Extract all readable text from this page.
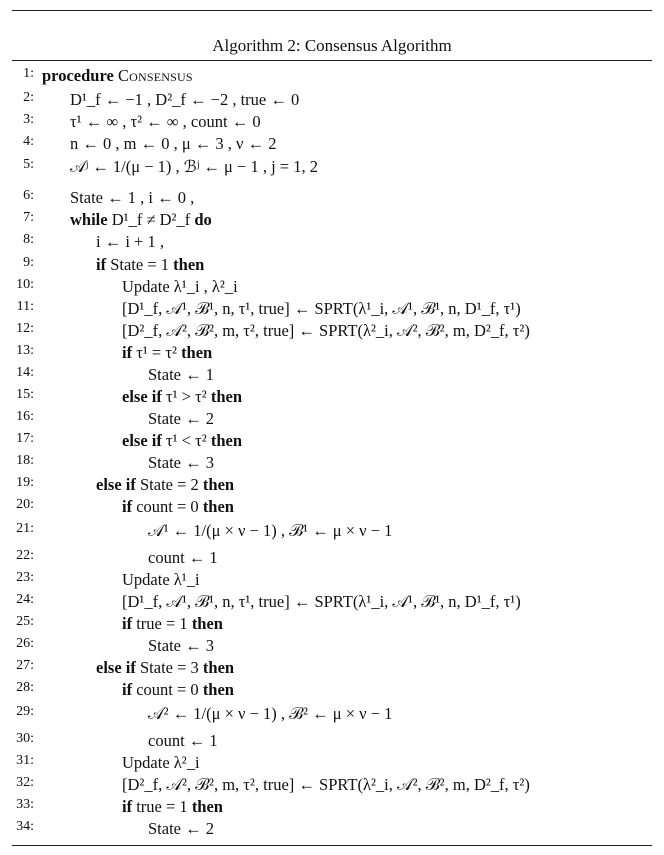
Algorithm 2: Consensus Algorithm
1: procedure Consensus
2: D¹_f ← −1 , D²_f ← −2 , true ← 0
3: τ¹ ← ∞ , τ² ← ∞ , count ← 0
4: n ← 0 , m ← 0 , μ ← 3 , ν ← 2
5: 𝒜ʲ ← 1/(μ − 1) , ℬʲ ← μ − 1 , j = 1, 2
6: State ← 1 , i ← 0 ,
7: while D¹_f ≠ D²_f do
8:	i ← i + 1 ,
9:	if State = 1 then
10:	Update λ¹_i , λ²_i
11:	[D¹_f, 𝒜¹, ℬ¹, n, τ¹, true] ← SPRT(λ¹_i, 𝒜¹, ℬ¹, n, D¹_f, τ¹)
12:	[D²_f, 𝒜², ℬ², m, τ², true] ← SPRT(λ²_i, 𝒜², ℬ², m, D²_f, τ²)
13:	if τ¹ = τ² then
14:	State ← 1
15:	else if τ¹ > τ² then
16:	State ← 2
17:	else if τ¹ < τ² then
18:	State ← 3
19:	else if State = 2 then
20:	if count = 0 then
21:	𝒜¹ ← 1/(μ × ν − 1) , ℬ¹ ← μ × ν − 1
22:	count ← 1
23:	Update λ¹_i
24:	[D¹_f, 𝒜¹, ℬ¹, n, τ¹, true] ← SPRT(λ¹_i, 𝒜¹, ℬ¹, n, D¹_f, τ¹)
25:	if true = 1 then
26:	State ← 3
27:	else if State = 3 then
28:	if count = 0 then
29:	𝒜² ← 1/(μ × ν − 1) , ℬ² ← μ × ν − 1
30:	count ← 1
31:	Update λ²_i
32:	[D²_f, 𝒜², ℬ², m, τ², true] ← SPRT(λ²_i, 𝒜², ℬ², m, D²_f, τ²)
33:	if true = 1 then
34:	State ← 2
